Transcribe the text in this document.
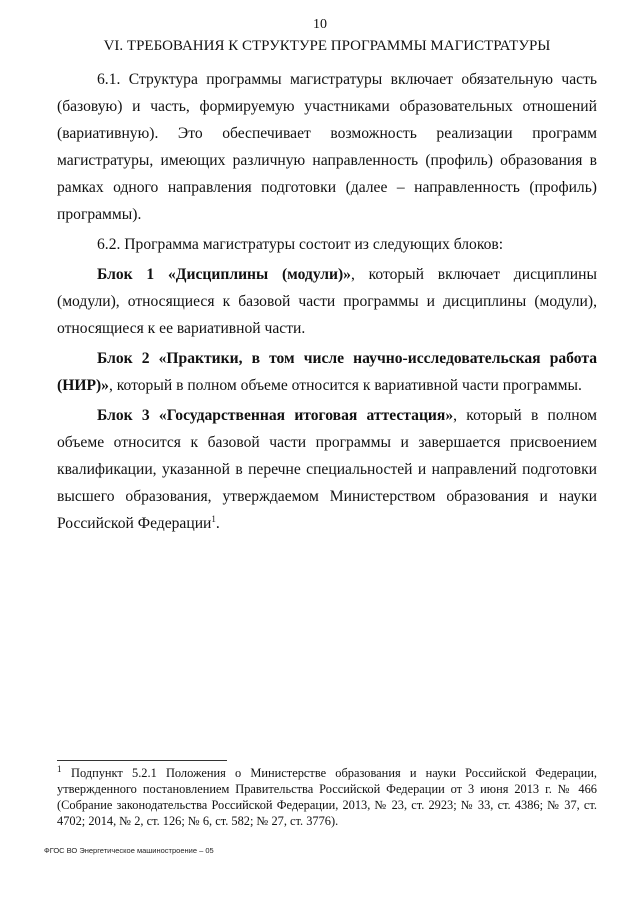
10
VI. ТРЕБОВАНИЯ К СТРУКТУРЕ ПРОГРАММЫ МАГИСТРАТУРЫ

6.1. Структура программы магистратуры включает обязательную часть (базовую) и часть, формируемую участниками образовательных отношений (вариативную). Это обеспечивает возможность реализации программ магистратуры, имеющих различную направленность (профиль) образования в рамках одного направления подготовки (далее – направленность (профиль) программы).

6.2. Программа магистратуры состоит из следующих блоков:

Блок 1 «Дисциплины (модули)», который включает дисциплины (модули), относящиеся к базовой части программы и дисциплины (модули), относящиеся к ее вариативной части.

Блок 2 «Практики, в том числе научно-исследовательская работа (НИР)», который в полном объеме относится к вариативной части программы.

Блок 3 «Государственная итоговая аттестация», который в полном объеме относится к базовой части программы и завершается присвоением квалификации, указанной в перечне специальностей и направлений подготовки высшего образования, утверждаемом Министерством образования и науки Российской Федерации$^1$.

1 Подпункт 5.2.1 Положения о Министерстве образования и науки Российской Федерации, утвержденного постановлением Правительства Российской Федерации от 3 июня 2013 г. № 466 (Собрание законодательства Российской Федерации, 2013, № 23, ст. 2923; № 33, ст. 4386; № 37, ст. 4702; 2014, № 2, ст. 126; № 6, ст. 582; № 27, ст. 3776).
ФГОС ВО Энергетическое машиностроение – 05
